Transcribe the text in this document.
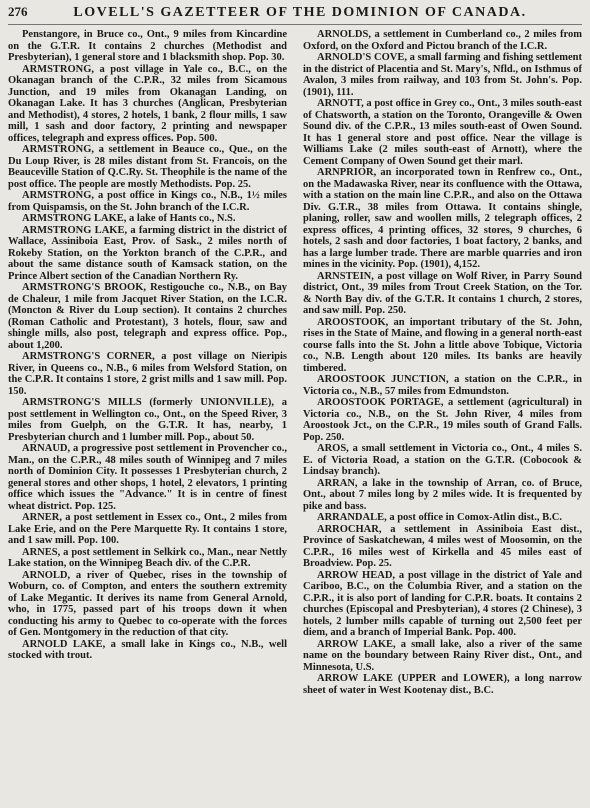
276	LOVELL'S GAZETTEER OF THE DOMINION OF CANADA.

Penstangore, in Bruce co., Ont., 9 miles from Kincardine on the G.T.R. It contains 2 churches (Methodist and Presbyterian), 1 general store and 1 blacksmith shop. Pop. 30.

ARMSTRONG, a post village in Yale co., B.C., on the Okanagan branch of the C.P.R., 32 miles from Sicamous Junction, and 19 miles from Okanagan Landing, on Okanagan Lake. It has 3 churches (Anglican, Presbyterian and Methodist), 4 stores, 2 hotels, 1 bank, 2 flour mills, 1 saw mill, 1 sash and door factory, 2 printing and newspaper offices, telegraph and express offices. Pop. 500.

ARMSTRONG, a settlement in Beauce co., Que., on the Du Loup River, is 28 miles distant from St. Francois, on the Beauceville Station of Q.C.Ry. St. Theophile is the name of the post office. The people are mostly Methodists. Pop. 25.

ARMSTRONG, a post office in Kings co., N.B., 1½ miles from Quispamsis, on the St. John branch of the I.C.R.

ARMSTRONG LAKE, a lake of Hants co., N.S.

ARMSTRONG LAKE, a farming district in the district of Wallace, Assiniboia East, Prov. of Sask., 2 miles north of Rokeby Station, on the Yorkton branch of the C.P.R., and about the same distance south of Kamsack station, on the Prince Albert section of the Canadian Northern Ry.

ARMSTRONG'S BROOK, Restigouche co., N.B., on Bay de Chaleur, 1 mile from Jacquet River Station, on the I.C.R. (Moncton & River du Loup section). It contains 2 churches (Roman Catholic and Protestant), 3 hotels, flour, saw and shingle mills, also post, telegraph and express office. Pop., about 1,200.

ARMSTRONG'S CORNER, a post village on Nieripis River, in Queens co., N.B., 6 miles from Welsford Station, on the C.P.R. It contains 1 store, 2 grist mills and 1 saw mill. Pop. 150.

ARMSTRONG'S MILLS (formerly UNIONVILLE), a post settlement in Wellington co., Ont., on the Speed River, 3 miles from Guelph, on the G.T.R. It has, nearby, 1 Presbyterian church and 1 lumber mill. Pop., about 50.

ARNAUD, a progressive post settlement in Provencher co., Man., on the C.P.R., 48 miles south of Winnipeg and 7 miles north of Dominion City. It possesses 1 Presbyterian church, 2 general stores and other shops, 1 hotel, 2 elevators, 1 printing office which issues the "Advance." It is in centre of finest wheat district. Pop. 125.

ARNER, a post settlement in Essex co., Ont., 2 miles from Lake Erie, and on the Pere Marquette Ry. It contains 1 store, and 1 saw mill. Pop. 100.

ARNES, a post settlement in Selkirk co., Man., near Nettly Lake station, on the Winnipeg Beach div. of the C.P.R.

ARNOLD, a river of Quebec, rises in the township of Woburn, co. of Compton, and enters the southern extremity of Lake Megantic. It derives its name from General Arnold, who, in 1775, passed part of his troops down it when conducting his army to Quebec to co-operate with the forces of Gen. Montgomery in the reduction of that city.

ARNOLD LAKE, a small lake in Kings co., N.B., well stocked with trout.

ARNOLDS, a settlement in Cumberland co., 2 miles from Oxford, on the Oxford and Pictou branch of the I.C.R.

ARNOLD'S COVE, a small farming and fishing settlement in the district of Placentia and St. Mary's, Nfld., on Isthmus of Avalon, 3 miles from railway, and 103 from St. John's. Pop. (1901), 111.

ARNOTT, a post office in Grey co., Ont., 3 miles south-east of Chatsworth, a station on the Toronto, Orangeville & Owen Sound div. of the C.P.R., 13 miles south-east of Owen Sound. It has 1 general store and post office. Near the village is Williams Lake (2 miles south-east of Arnott), where the Cement Company of Owen Sound get their marl.

ARNPRIOR, an incorporated town in Renfrew co., Ont., on the Madawaska River, near its confluence with the Ottawa, with a station on the main line C.P.R., and also on the Ottawa Div. G.T.R., 38 miles from Ottawa. It contains shingle, planing, roller, saw and woollen mills, 2 telegraph offices, 2 express offices, 4 printing offices, 32 stores, 9 churches, 6 hotels, 2 sash and door factories, 1 boat factory, 2 banks, and has a large lumber trade. There are marble quarries and iron mines in the vicinity. Pop. (1901), 4,152.

ARNSTEIN, a post village on Wolf River, in Parry Sound district, Ont., 39 miles from Trout Creek Station, on the Tor. & North Bay div. of the G.T.R. It contains 1 church, 2 stores, and saw mill. Pop. 250.

AROOSTOOK, an important tributary of the St. John, rises in the State of Maine, and flowing in a general north-east course falls into the St. John a little above Tobique, Victoria co., N.B. Length about 120 miles. Its banks are heavily timbered.

AROOSTOOK JUNCTION, a station on the C.P.R., in Victoria co., N.B., 57 miles from Edmundston.

AROOSTOOK PORTAGE, a settlement (agricultural) in Victoria co., N.B., on the St. John River, 4 miles from Aroostook Jct., on the C.P.R., 19 miles south of Grand Falls. Pop. 250.

AROS, a small settlement in Victoria co., Ont., 4 miles S. E. of Victoria Road, a station on the G.T.R. (Cobocook & Lindsay branch).

ARRAN, a lake in the township of Arran, co. of Bruce, Ont., about 7 miles long by 2 miles wide. It is frequented by pike and bass.

ARRANDALE, a post office in Comox-Atlin dist., B.C.

ARROCHAR, a settlement in Assiniboia East dist., Province of Saskatchewan, 4 miles west of Moosomin, on the C.P.R., 16 miles west of Kirkella and 45 miles east of Broadview. Pop. 25.

ARROW HEAD, a post village in the district of Yale and Cariboo, B.C., on the Columbia River, and a station on the C.P.R., it is also port of landing for C.P.R. boats. It contains 2 churches (Episcopal and Presbyterian), 4 stores (2 Chinese), 3 hotels, 2 lumber mills capable of turning out 2,500 feet per diem, and a branch of Imperial Bank. Pop. 400.

ARROW LAKE, a small lake, also a river of the same name on the boundary between Rainy River dist., Ont., and Minnesota, U.S.

ARROW LAKE (UPPER and LOWER), a long narrow sheet of water in West Kootenay dist., B.C.
